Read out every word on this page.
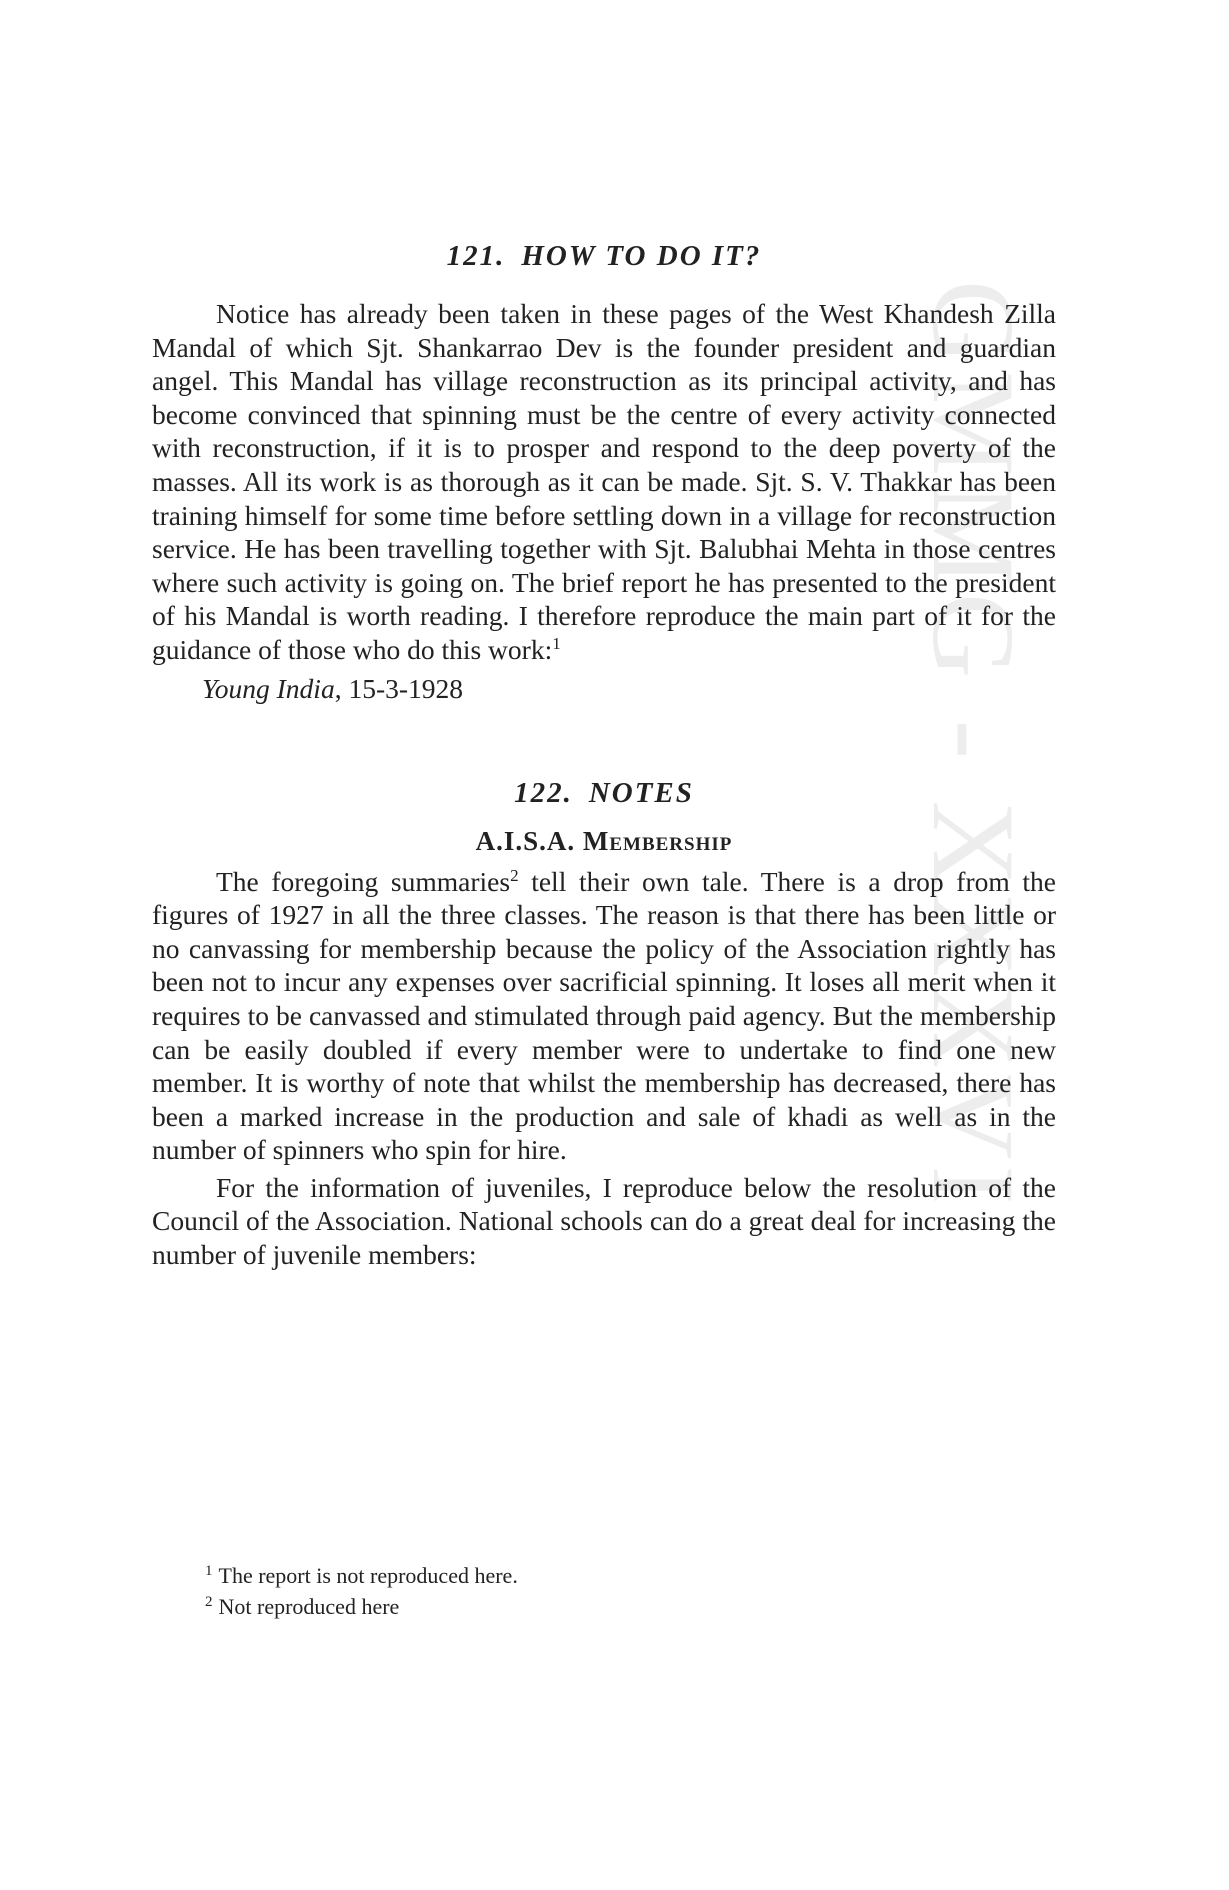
GMMG - XXXVI
121. HOW TO DO IT?

Notice has already been taken in these pages of the West Khandesh Zilla Mandal of which Sjt. Shankarrao Dev is the founder president and guardian angel. This Mandal has village reconstruction as its principal activity, and has become convinced that spinning must be the centre of every activity connected with reconstruction, if it is to prosper and respond to the deep poverty of the masses. All its work is as thorough as it can be made. Sjt. S. V. Thakkar has been training himself for some time before settling down in a village for reconstruction service. He has been travelling together with Sjt. Balubhai Mehta in those centres where such activity is going on. The brief report he has presented to the president of his Mandal is worth reading. I therefore reproduce the main part of it for the guidance of those who do this work:$^1$

Young India, 15-3-1928
122. NOTES
A.I.S.A. Membership

The foregoing summaries$^2$ tell their own tale. There is a drop from the figures of 1927 in all the three classes. The reason is that there has been little or no canvassing for membership because the policy of the Association rightly has been not to incur any expenses over sacrificial spinning. It loses all merit when it requires to be canvassed and stimulated through paid agency. But the membership can be easily doubled if every member were to undertake to find one new member. It is worthy of note that whilst the membership has decreased, there has been a marked increase in the production and sale of khadi as well as in the number of spinners who spin for hire.

For the information of juveniles, I reproduce below the resolution of the Council of the Association. National schools can do a great deal for increasing the number of juvenile members:

$^1$ The report is not reproduced here.
$^2$ Not reproduced here
